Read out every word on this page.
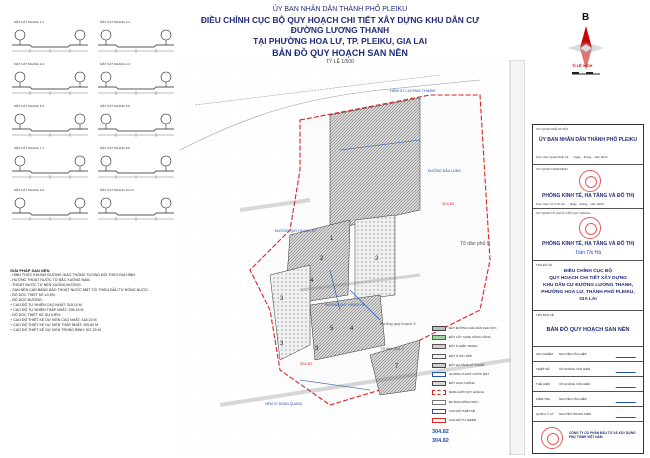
ỦY BAN NHÂN DÂN THÀNH PHỐ PLEIKU
ĐIỀU CHỈNH CỤC BỘ QUY HOẠCH CHI TIẾT XÂY DỰNG KHU DÂN CƯ ĐƯỜNG LƯƠNG THANH
TẠI PHƯỜNG HOA LƯ, TP. PLEIKU, GIA LAI
BẢN ĐỒ QUY HOẠCH SAN NỀN
B
TỈ LỆ XÍCH
MẶT CẮT NGANG 1-1	MẶT CẮT NGANG 2-2
MẶT CẮT NGANG 3-3	MẶT CẮT NGANG 4-4
MẶT CẮT NGANG 5-5	MẶT CẮT NGANG 6-6
MẶT CẮT NGANG 7-7	MẶT CẮT NGANG 8-8
MẶT CẮT NGANG 9-9	MẶT CẮT NGANG 10-10
GIẢI PHÁP SAN NỀN
- HÌNH THỨC KHUNG ĐƯỜNG GIAO THÔNG TƯƠNG ĐỐI THEO ĐỊA HÌNH.
- HƯỚNG THOÁT NƯỚC TỪ BẮC XUỐNG NAM.
- THOÁT NƯỚC TỪ NỀN XUỐNG ĐƯỜNG.
- SAN NỀN CÂN BẰNG BẢO THOÁT NƯỚC MẶT TỐI THIỂU ĐẦU TƯ ĐỒNG NƯỚC.
- ĐỘ DỐC THIẾT KẾ ≥0,4%.
- ĐỘ DỐC ĐƯỜNG:
+ CAO ĐỘ TỰ NHIÊN CAO NHẤT: 315,15 M
+ CAO ĐỘ TỰ NHIÊN THẤP NHẤT: 295,15 M
- ĐỘ DỐC THIẾT KẾ DỰ KIẾN:
+ CAO ĐỘ THIẾT KẾ DỰ KIẾN CAO NHẤT: 318,15 M
+ CAO ĐỘ THIẾT KẾ DỰ KIẾN THẤP NHẤT: 299,82 M
+ CAO ĐỘ THIẾT KẾ DỰ KIẾN TRUNG BÌNH: 307,29 M
HẺM 37 LƯƠNG THẠNH
ĐƯỜNG QUY HOẠCH 12
ĐƯỜNG ĐẦU LONG
ĐƯỜNG QUY HOẠCH 8
Đường quy hoạch 5
HẺM 47 ĐOÀN QUANG
Tổ dân phố 9
Tổ dân phố 7
1
2
3
4
2
3
5	4
3
7
304.82
304.82
304.82
304.82
ĐẤT ĐƯỜNG NHÀ DÂN KHU VỰC
ĐẤT CÂY XANH CÔNG CỘNG
ĐẤT Ở HIỆN TRẠNG
ĐẤT Ở XÂY MỚI
ĐẤT HẠ TẦNG KỸ THUẬT
HƯỚNG THOÁT NƯỚC MẶT
ĐẤT GIAO THÔNG
RANH GIỚI QUY HOẠCH
ĐƯỜNG ĐỒNG MỨC
CAO ĐỘ THIẾT KẾ
CAO ĐỘ TỰ NHIÊN
CƠ QUAN PHÊ DUYỆT
ỦY BAN NHÂN DÂN THÀNH PHỐ PLEIKU
Kèm theo Quyết định số:…, Ngày…tháng…năm 2024
CƠ QUAN THẨM ĐỊNH
PHÒNG KINH TẾ, HẠ TẦNG VÀ ĐÔ THỊ
Kèm theo Tờ trình số:…, Ngày…tháng…năm 2024
CƠ QUAN TỔ CHỨC LẬP QUY HOẠCH
PHÒNG KINH TẾ, HẠ TẦNG VÀ ĐÔ THỊ
Trần Thị Hà
TÊN ĐỒ ÁN
ĐIỀU CHỈNH CỤC BỘ
QUY HOẠCH CHI TIẾT XÂY DỰNG
KHU DÂN CƯ ĐƯỜNG LƯƠNG THANH,
PHƯỜNG HOA LƯ, THÀNH PHỐ PLEIKU,
GIA LAI
TÊN BẢN VẼ
BẢN ĐỒ QUY HOẠCH SAN NỀN
CHỦ NHIỆM NGUYỄN VĂN HIỆP
THIẾT KẾ	VÕ HOÀNG VĂN HIỆN
THỂ HIỆN	VÕ HOÀNG VĂN HIỆN
KIỂM TRA	NGUYỄN VĂN HIỆP
QUẢN LÝ KT NGUYỄN TRUNG KIÊN
CÔNG TY CỔ PHẦN ĐẦU TƯ VÀ XÂY DỰNG PHÚ THỊNH VIỆT NAM
